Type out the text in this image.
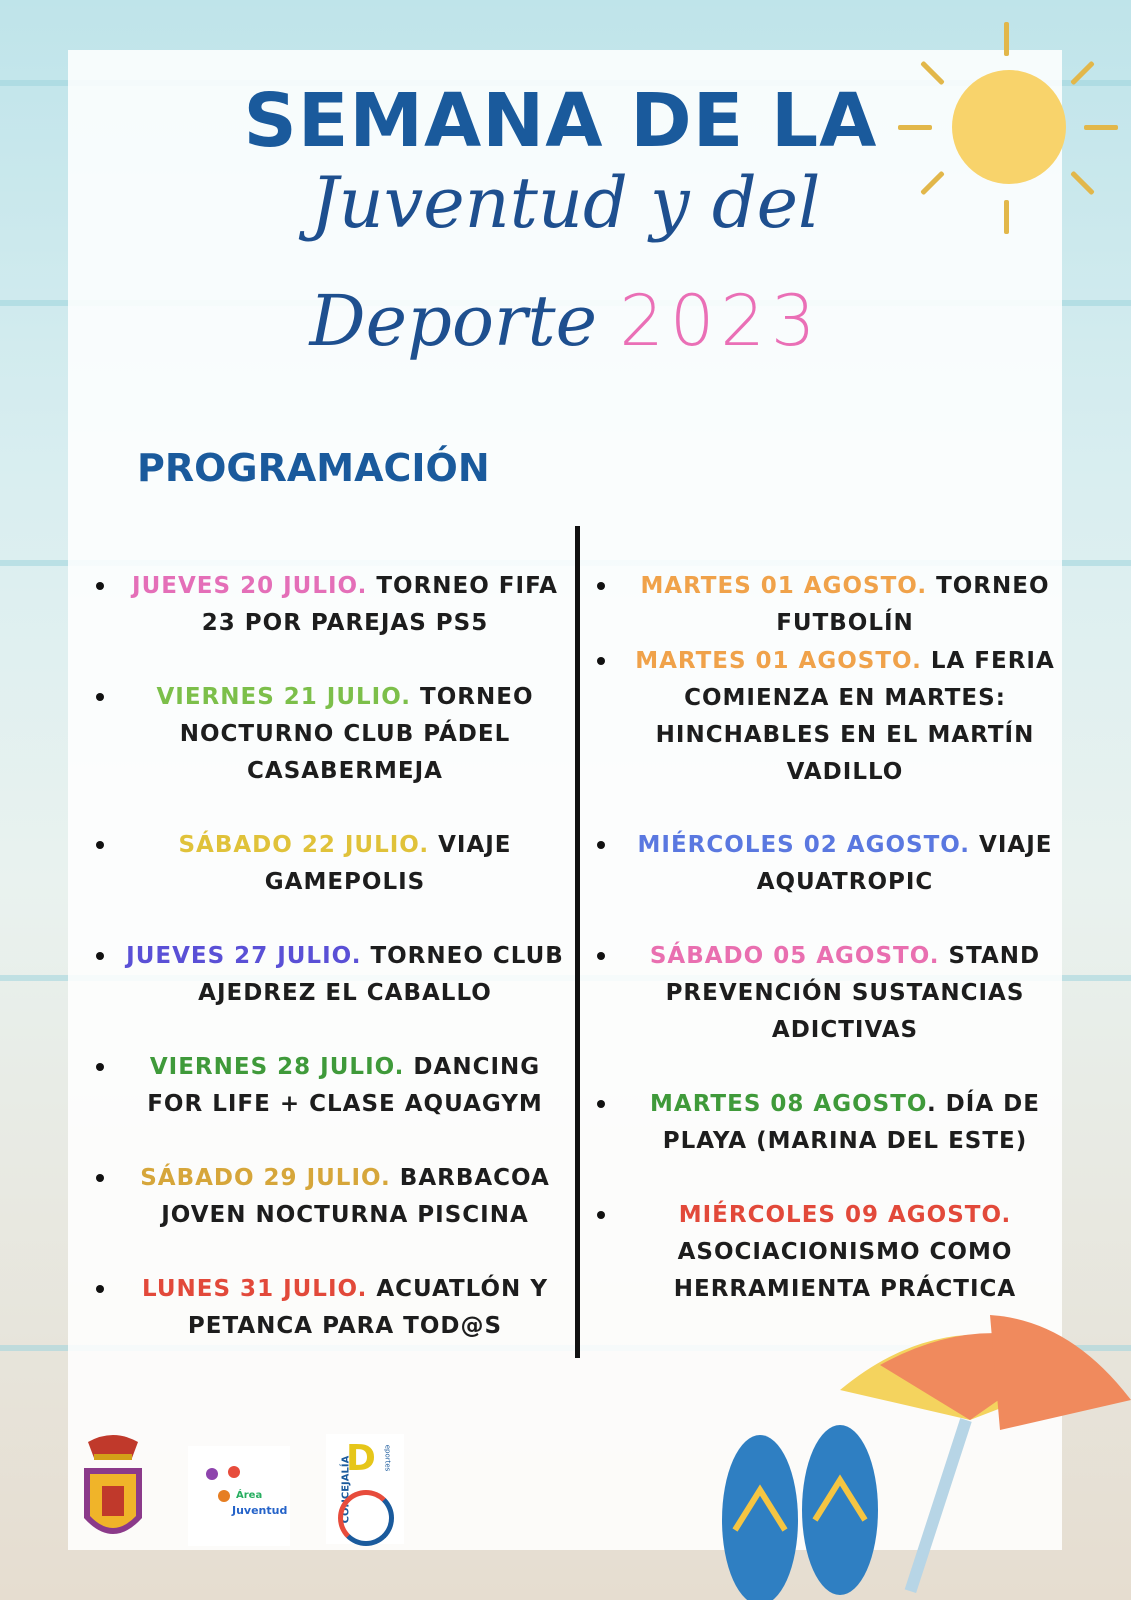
SEMANA DE LA
Juventud y del
Deporte 2023
PROGRAMACIÓN
JUEVES 20 JULIO. TORNEO FIFA 23 POR PAREJAS PS5
VIERNES 21 JULIO. TORNEO NOCTURNO CLUB PÁDEL CASABERMEJA
SÁBADO 22 JULIO. VIAJE GAMEPOLIS
JUEVES 27 JULIO. TORNEO CLUB AJEDREZ EL CABALLO
VIERNES 28 JULIO. DANCING FOR LIFE + CLASE AQUAGYM
SÁBADO 29 JULIO. BARBACOA JOVEN NOCTURNA PISCINA
LUNES 31 JULIO. ACUATLÓN Y PETANCA PARA TOD@S
MARTES 01 AGOSTO. TORNEO FUTBOLÍN
MARTES 01 AGOSTO. LA FERIA COMIENZA EN MARTES: HINCHABLES EN EL MARTÍN VADILLO
MIÉRCOLES 02 AGOSTO. VIAJE AQUATROPIC
SÁBADO 05 AGOSTO. STAND PREVENCIÓN SUSTANCIAS ADICTIVAS
MARTES 08 AGOSTO. DÍA DE PLAYA (MARINA DEL ESTE)
MIÉRCOLES 09 AGOSTO. ASOCIACIONISMO COMO HERRAMIENTA PRÁCTICA
Área
Juventud	CONCEJALÍA
D eportes
